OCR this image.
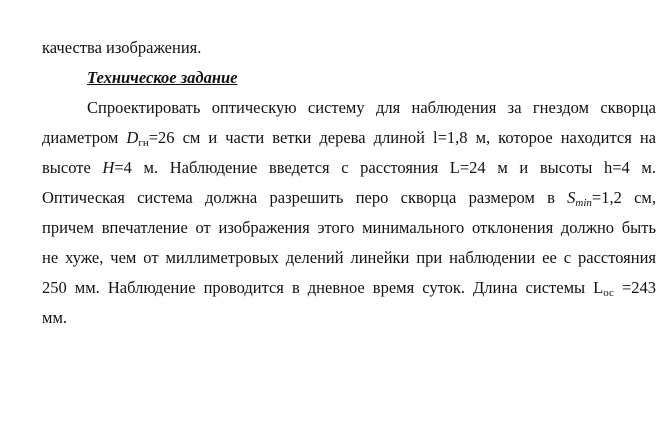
качества изображения.
Техническое задание
Спроектировать оптическую систему для наблюдения за гнездом скворца
диаметром $D_{гн}=26$ см и части ветки дерева длиной l=1,8 м, которое находится на
высоте H=4 м. Наблюдение введется с расстояния L=24 м и высоты h=4 м.
Оптическая система должна разрешить перо скворца размером в $S_{min}=1,2$ см,
причем впечатление от изображения этого минимального отклонения должно быть
не хуже, чем от миллиметровых делений линейки при наблюдении ее с расстояния
250 мм. Наблюдение проводится в дневное время суток. Длина системы $L_{ос} =243$
мм.
